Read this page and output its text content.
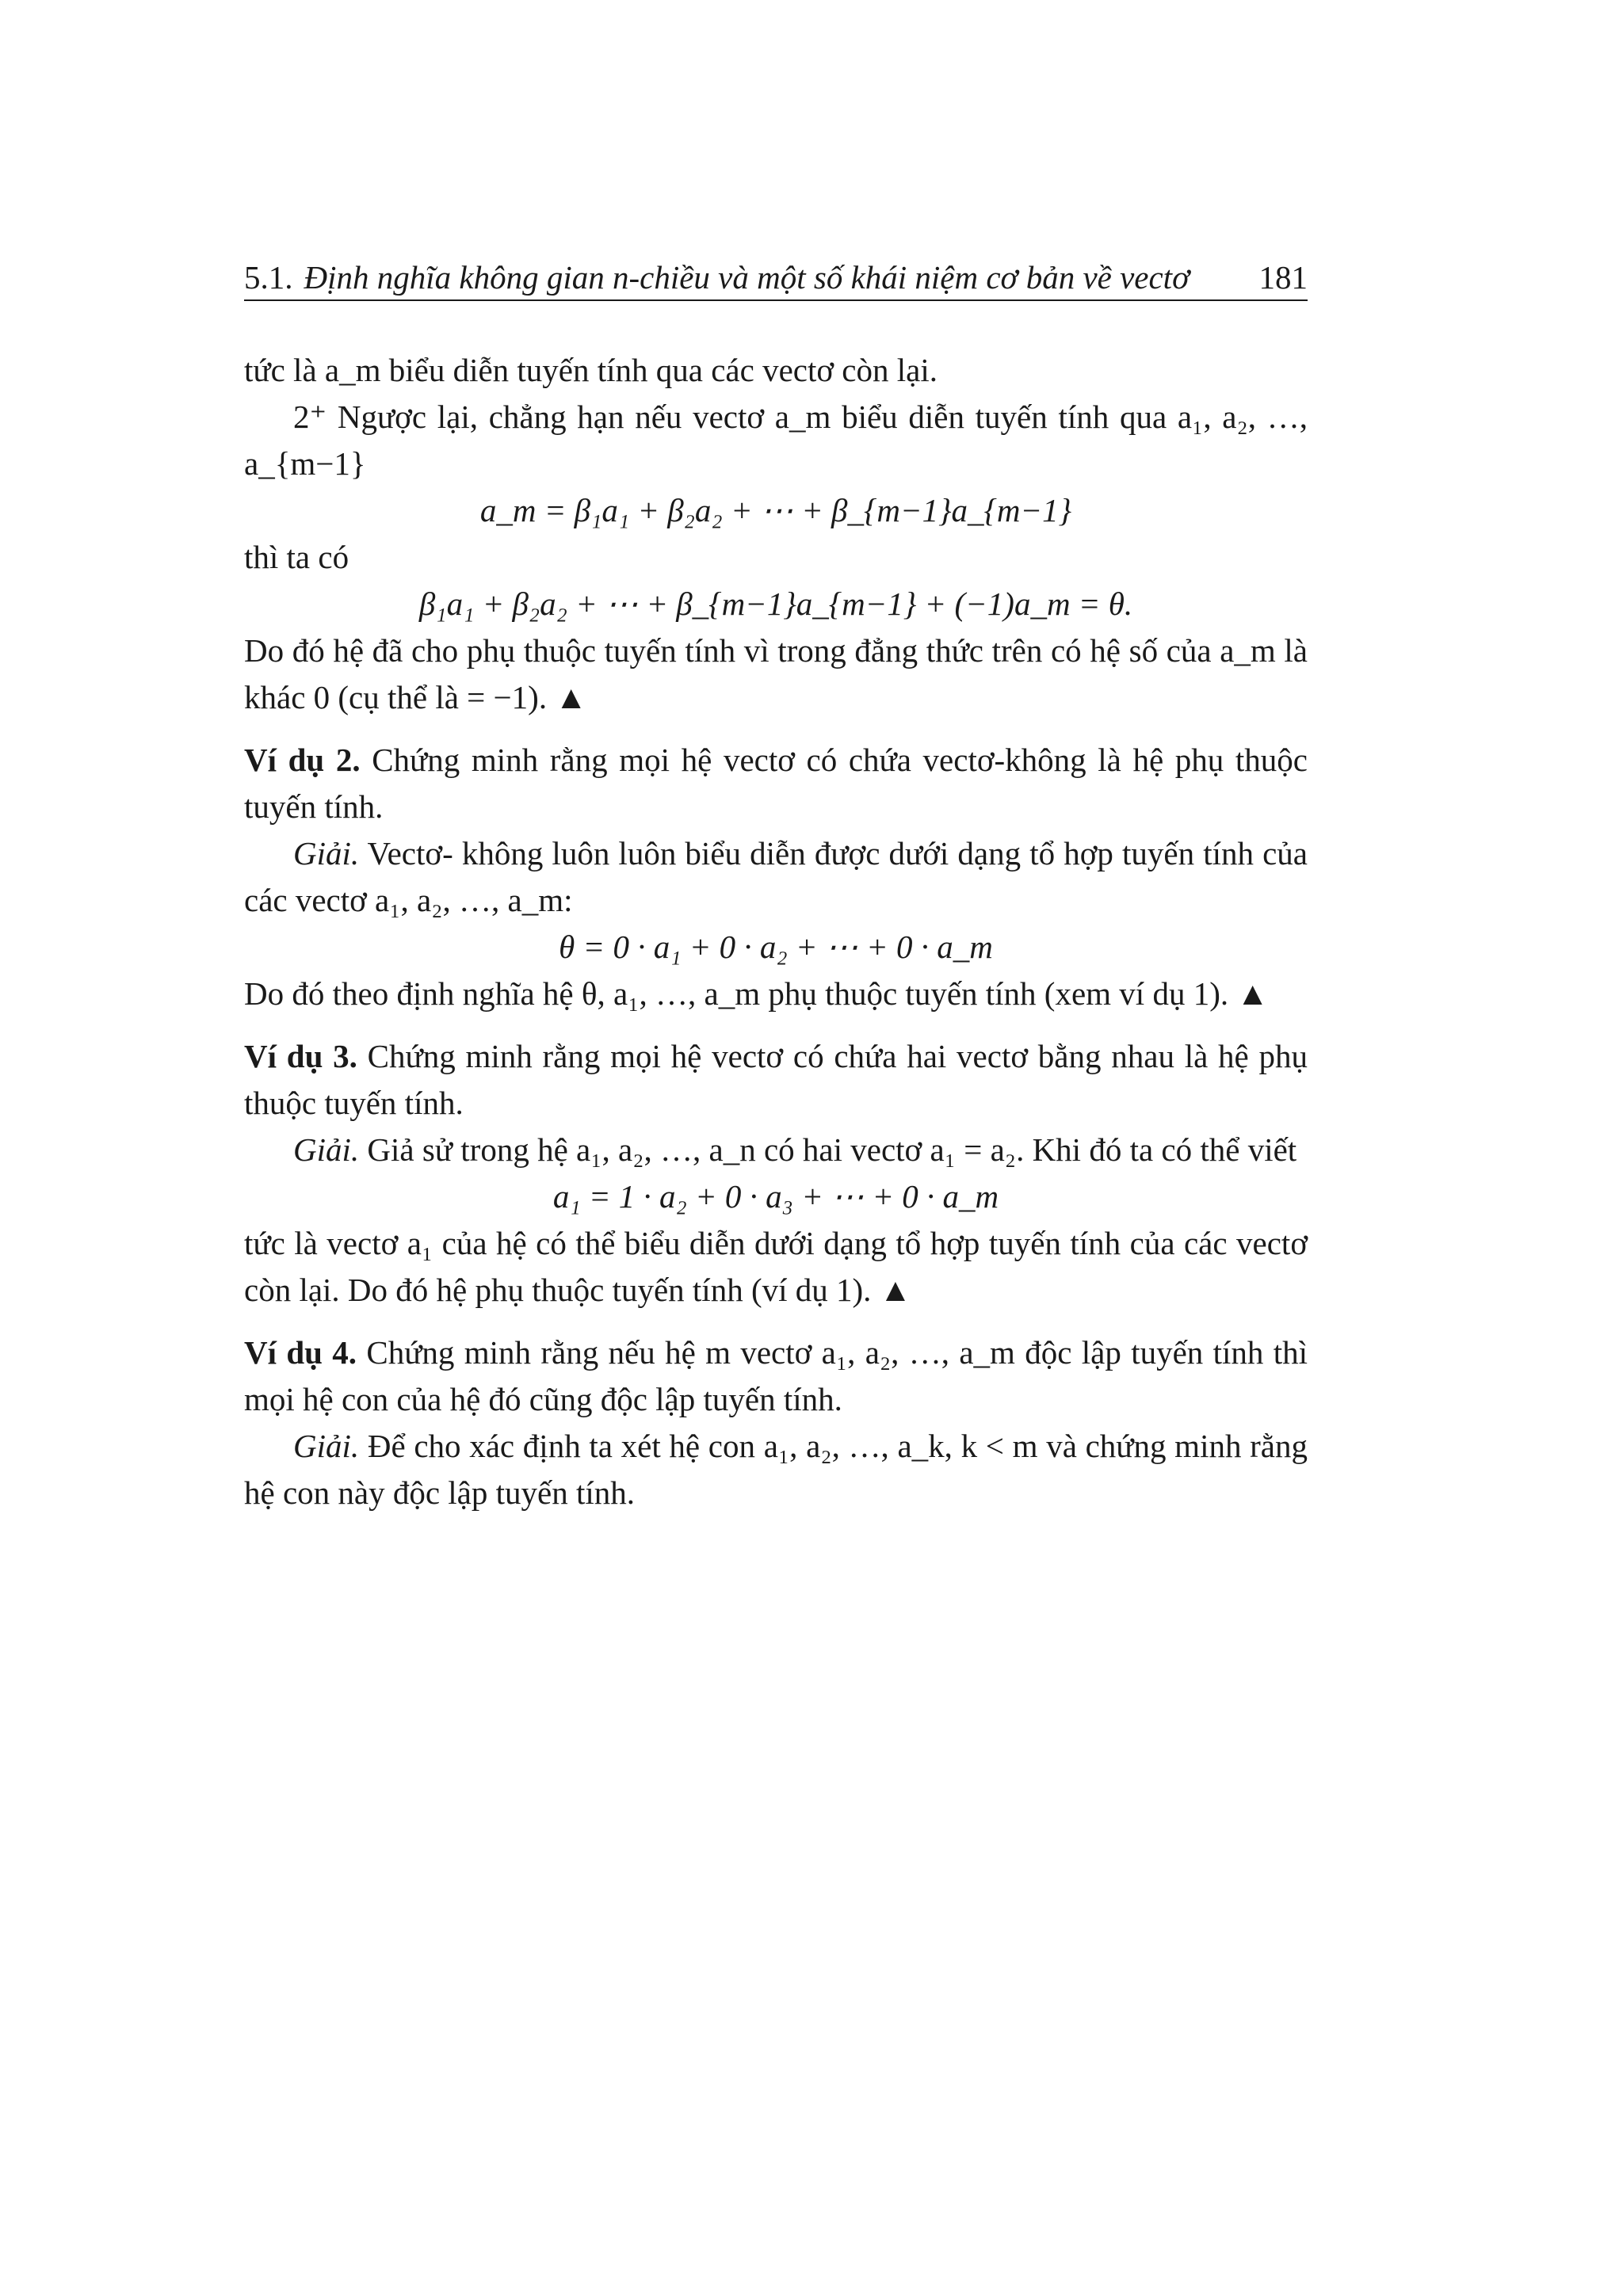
5.1. Định nghĩa không gian n-chiều và một số khái niệm cơ bản về vectơ 181

tức là a_m biểu diễn tuyến tính qua các vectơ còn lại.

2⁺ Ngược lại, chẳng hạn nếu vectơ a_m biểu diễn tuyến tính qua a₁, a₂, …, a_{m−1}

a_m = β₁a₁ + β₂a₂ + ⋯ + β_{m−1}a_{m−1}

thì ta có

β₁a₁ + β₂a₂ + ⋯ + β_{m−1}a_{m−1} + (−1)a_m = θ.

Do đó hệ đã cho phụ thuộc tuyến tính vì trong đẳng thức trên có hệ số của a_m là khác 0 (cụ thể là = −1). ▲

Ví dụ 2. Chứng minh rằng mọi hệ vectơ có chứa vectơ-không là hệ phụ thuộc tuyến tính.

Giải. Vectơ- không luôn luôn biểu diễn được dưới dạng tổ hợp tuyến tính của các vectơ a₁, a₂, …, a_m:

θ = 0 · a₁ + 0 · a₂ + ⋯ + 0 · a_m

Do đó theo định nghĩa hệ θ, a₁, …, a_m phụ thuộc tuyến tính (xem ví dụ 1). ▲

Ví dụ 3. Chứng minh rằng mọi hệ vectơ có chứa hai vectơ bằng nhau là hệ phụ thuộc tuyến tính.

Giải. Giả sử trong hệ a₁, a₂, …, a_n có hai vectơ a₁ = a₂. Khi đó ta có thể viết

a₁ = 1 · a₂ + 0 · a₃ + ⋯ + 0 · a_m

tức là vectơ a₁ của hệ có thể biểu diễn dưới dạng tổ hợp tuyến tính của các vectơ còn lại. Do đó hệ phụ thuộc tuyến tính (ví dụ 1). ▲

Ví dụ 4. Chứng minh rằng nếu hệ m vectơ a₁, a₂, …, a_m độc lập tuyến tính thì mọi hệ con của hệ đó cũng độc lập tuyến tính.

Giải. Để cho xác định ta xét hệ con a₁, a₂, …, a_k, k < m và chứng minh rằng hệ con này độc lập tuyến tính.
